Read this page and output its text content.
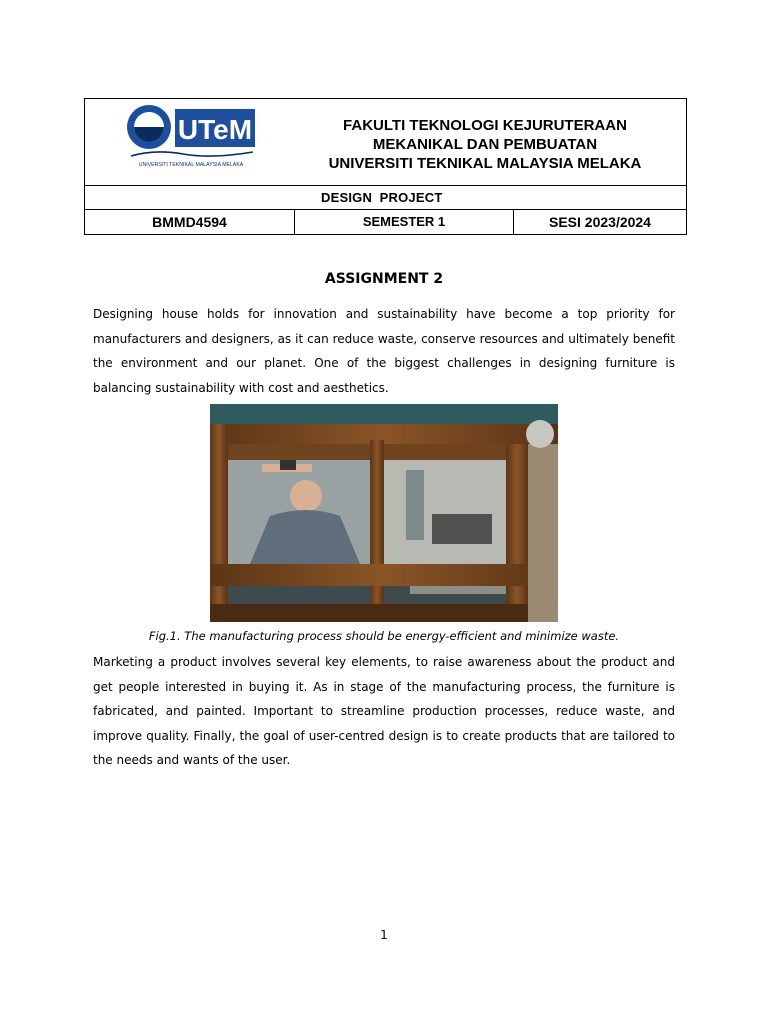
UTeM
UNIVERSITI TEKNIKAL MALAYSIA MELAKA
FAKULTI TEKNOLOGI KEJURUTERAAN
MEKANIKAL DAN PEMBUATAN
UNIVERSITI TEKNIKAL MALAYSIA MELAKA
DESIGN  PROJECT
BMMD4594	SEMESTER 1	SESI 2023/2024
ASSIGNMENT 2
Designing house holds for innovation and sustainability have become a top priority for manufacturers and designers, as it can reduce waste, conserve resources and ultimately benefit the environment and our planet. One of the biggest challenges in designing furniture is balancing sustainability with cost and aesthetics.
Fig.1. The manufacturing process should be energy-efficient and minimize waste.
Marketing a product involves several key elements, to raise awareness about the product and get people interested in buying it. As in stage of the manufacturing process, the furniture is fabricated, and painted. Important to streamline production processes, reduce waste, and improve quality. Finally, the goal of user-centred design is to create products that are tailored to the needs and wants of the user.
1
